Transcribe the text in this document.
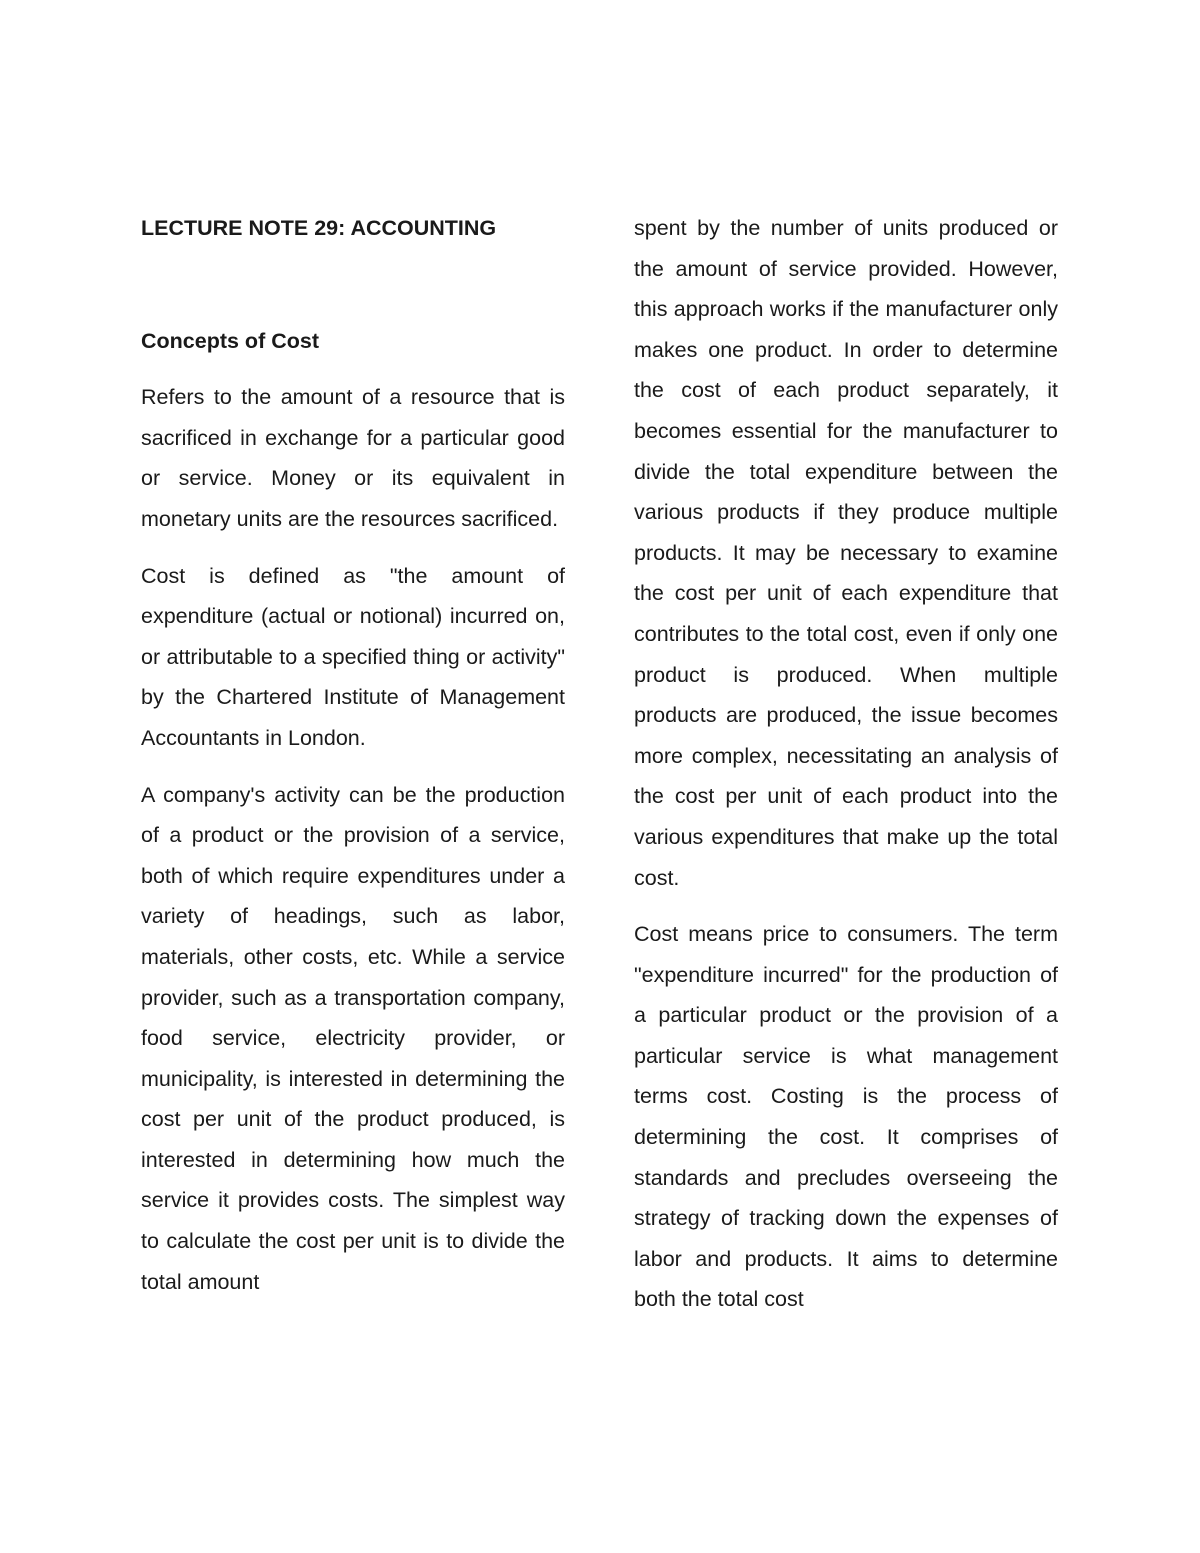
LECTURE NOTE 29: ACCOUNTING
Concepts of Cost

Refers to the amount of a resource that is sacrificed in exchange for a particular good or service. Money or its equivalent in monetary units are the resources sacrificed.

Cost is defined as "the amount of expenditure (actual or notional) incurred on, or attributable to a specified thing or activity" by the Chartered Institute of Management Accountants in London.

A company's activity can be the production of a product or the provision of a service, both of which require expenditures under a variety of headings, such as labor, materials, other costs, etc. While a service provider, such as a transportation company, food service, electricity provider, or municipality, is interested in determining the cost per unit of the product produced, is interested in determining how much the service it provides costs. The simplest way to calculate the cost per unit is to divide the total amount

spent by the number of units produced or the amount of service provided. However, this approach works if the manufacturer only makes one product. In order to determine the cost of each product separately, it becomes essential for the manufacturer to divide the total expenditure between the various products if they produce multiple products. It may be necessary to examine the cost per unit of each expenditure that contributes to the total cost, even if only one product is produced. When multiple products are produced, the issue becomes more complex, necessitating an analysis of the cost per unit of each product into the various expenditures that make up the total cost.

Cost means price to consumers. The term "expenditure incurred" for the production of a particular product or the provision of a particular service is what management terms cost. Costing is the process of determining the cost. It comprises of standards and precludes overseeing the strategy of tracking down the expenses of labor and products. It aims to determine both the total cost
